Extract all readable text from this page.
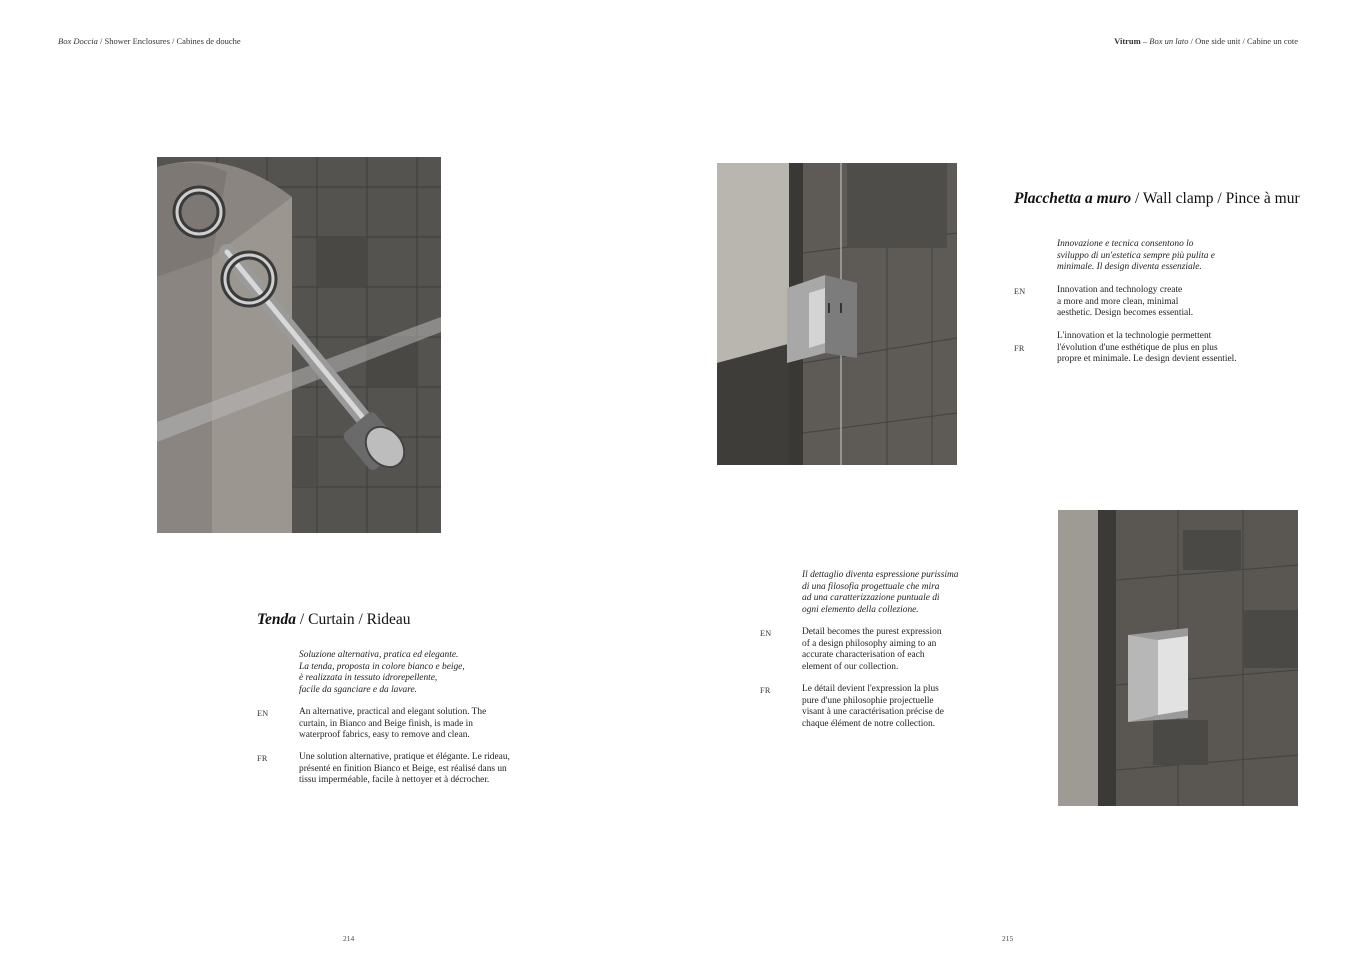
Box Doccia / Shower Enclosures / Cabines de douche	Vitrum – Box un lato / One side unit / Cabine un cote
Tenda / Curtain / Rideau
Soluzione alternativa, pratica ed elegante.
La tenda, proposta in colore bianco e beige,
è realizzata in tessuto idrorepellente,
facile da sganciare e da lavare.
EN	An alternative, practical and elegant solution. The
curtain, in Bianco and Beige finish, is made in
waterproof fabrics, easy to remove and clean.
FR	Une solution alternative, pratique et élégante. Le rideau,
présenté en finition Bianco et Beige, est réalisé dans un
tissu imperméable, facile à nettoyer et à décrocher.
Placchetta a muro / Wall clamp / Pince à mur
Innovazione e tecnica consentono lo
sviluppo di un'estetica sempre più pulita e
minimale. Il design diventa essenziale.
EN	Innovation and technology create
a more and more clean, minimal
aesthetic. Design becomes essential.
FR
L'innovation et la technologie permettent
l'évolution d'une esthétique de plus en plus
propre et minimale. Le design devient essentiel.
Il dettaglio diventa espressione purissima
di una filosofia progettuale che mira
ad una caratterizzazione puntuale di
ogni elemento della collezione.
EN	Detail becomes the purest expression
of a design philosophy aiming to an
accurate characterisation of each
element of our collection.
FR	Le détail devient l'expression la plus
pure d'une philosophie projectuelle
visant à une caractérisation précise de
chaque élément de notre collection.
214	215
